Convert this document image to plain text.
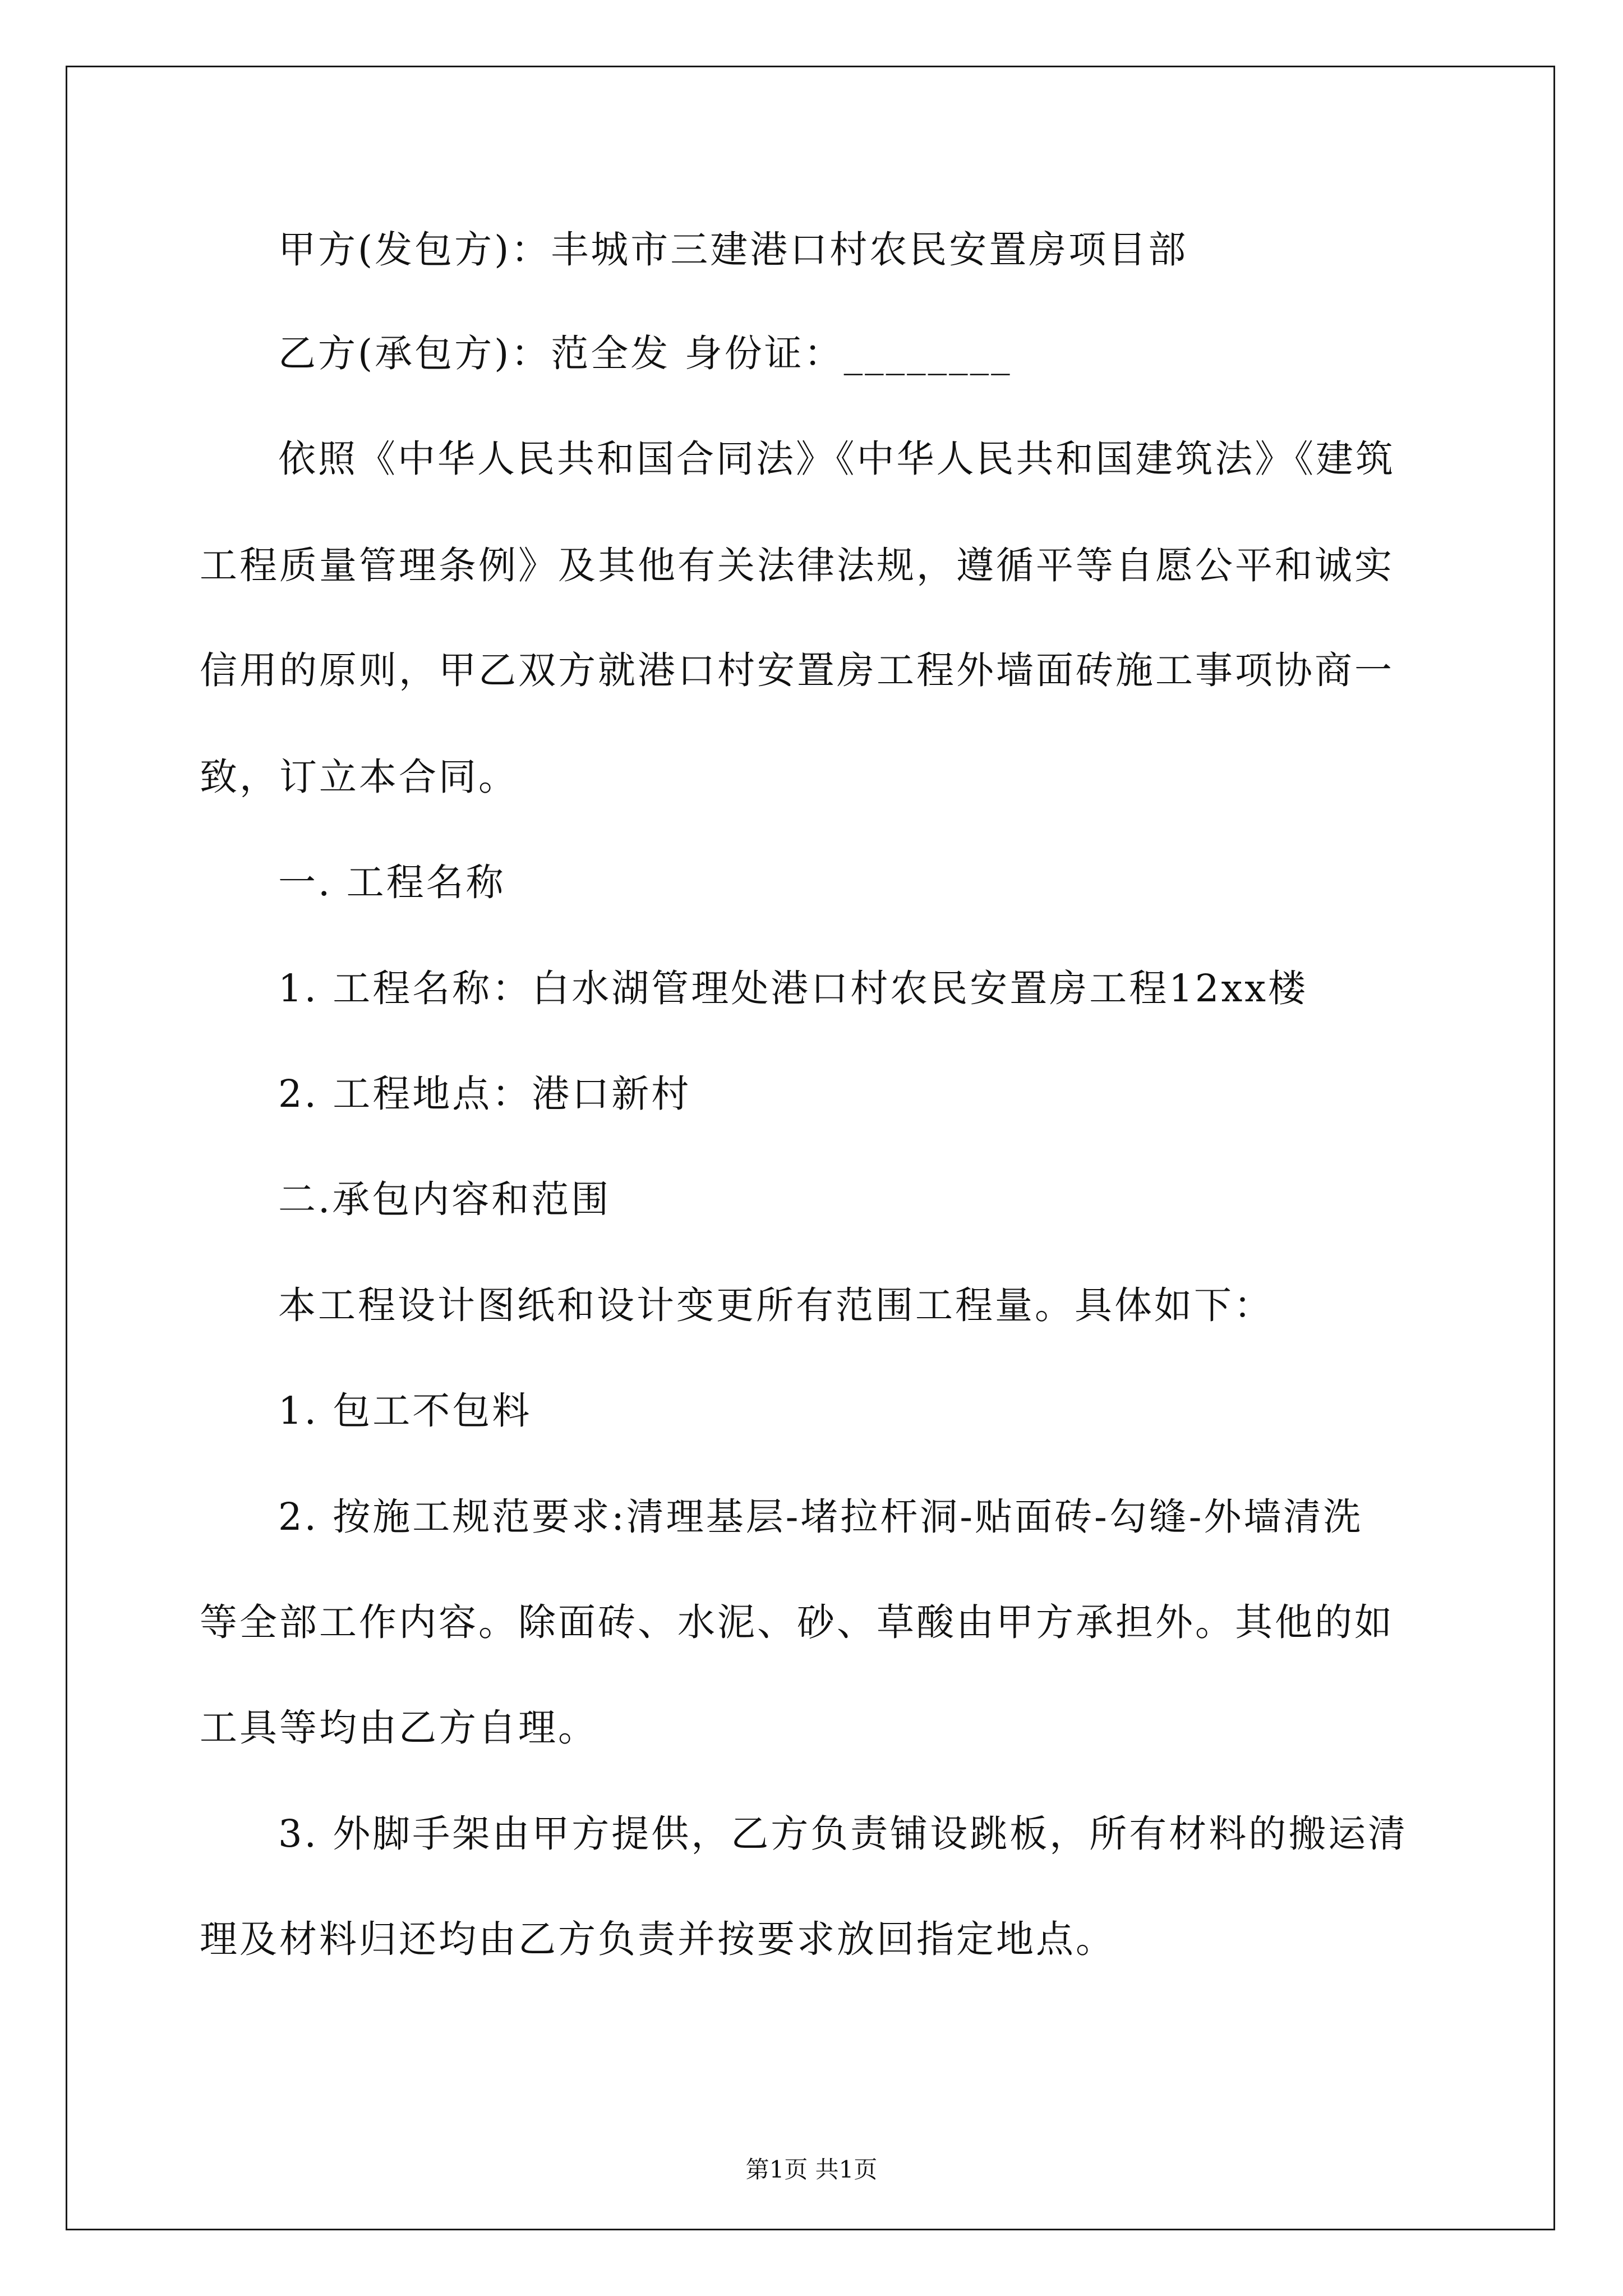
甲方(发包方)：丰城市三建港口村农民安置房项目部
乙方(承包方)：范全发 身份证：________
依照《中华人民共和国合同法》《中华人民共和国建筑法》《建筑
工程质量管理条例》及其他有关法律法规，遵循平等自愿公平和诚实
信用的原则，甲乙双方就港口村安置房工程外墙面砖施工事项协商一
致，订立本合同。
一. 工程名称
1. 工程名称：白水湖管理处港口村农民安置房工程12xx楼
2. 工程地点：港口新村
二.承包内容和范围
本工程设计图纸和设计变更所有范围工程量。具体如下：
1. 包工不包料
2. 按施工规范要求:清理基层-堵拉杆洞-贴面砖-勾缝-外墙清洗
等全部工作内容。除面砖、水泥、砂、草酸由甲方承担外。其他的如
工具等均由乙方自理。
3. 外脚手架由甲方提供，乙方负责铺设跳板，所有材料的搬运清
理及材料归还均由乙方负责并按要求放回指定地点。
第1页 共1页
